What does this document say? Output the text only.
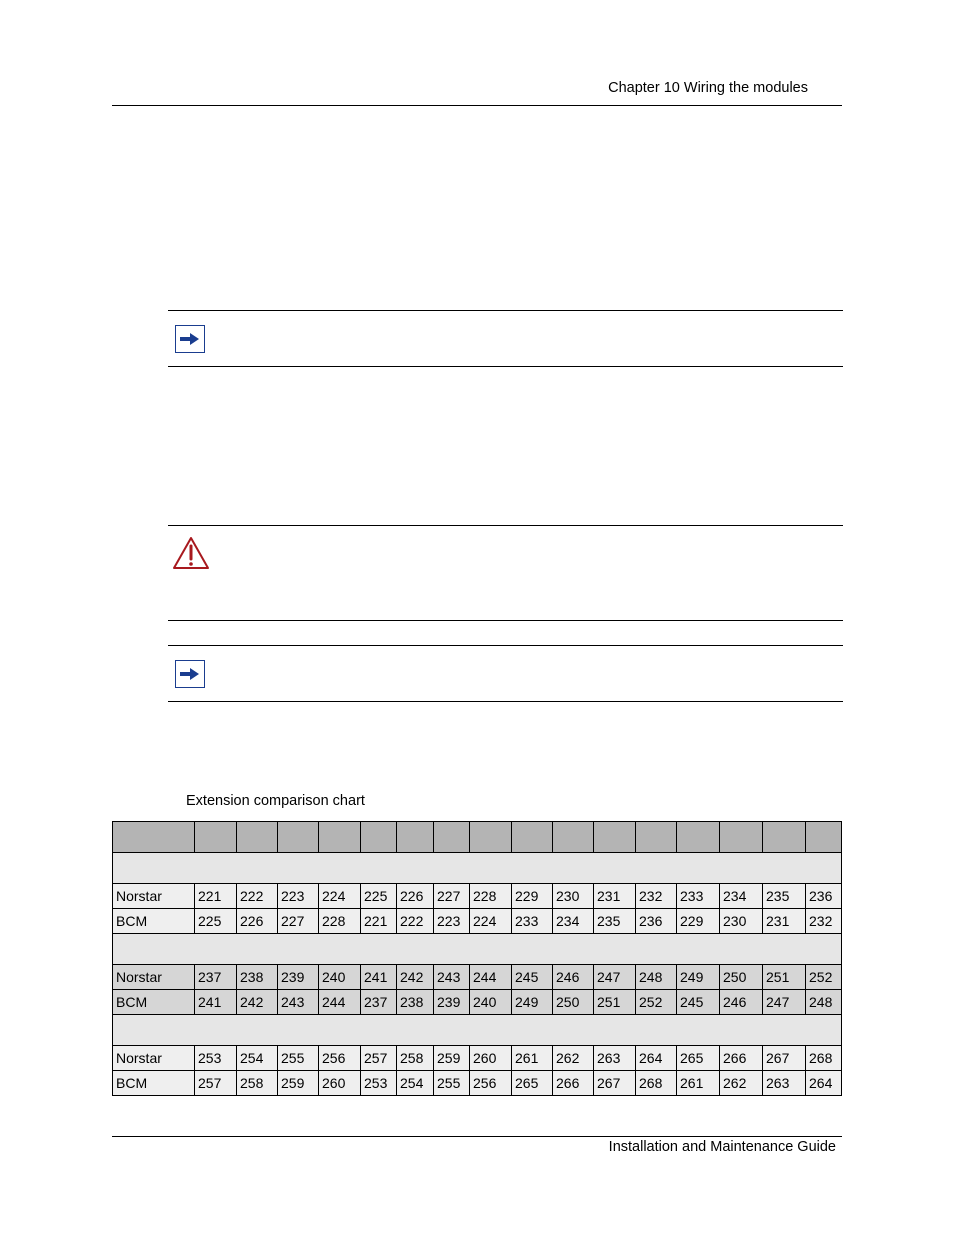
Chapter 10 Wiring the modules
Extension comparison chart

Norstar	221	222	223	224	225	226	227	228	229	230	231	232	233	234	235	236
BCM	225	226	227	228	221	222	223	224	233	234	235	236	229	230	231	232

Norstar	237	238	239	240	241	242	243	244	245	246	247	248	249	250	251	252
BCM	241	242	243	244	237	238	239	240	249	250	251	252	245	246	247	248

Norstar	253	254	255	256	257	258	259	260	261	262	263	264	265	266	267	268
BCM	257	258	259	260	253	254	255	256	265	266	267	268	261	262	263	264
Installation and Maintenance Guide
